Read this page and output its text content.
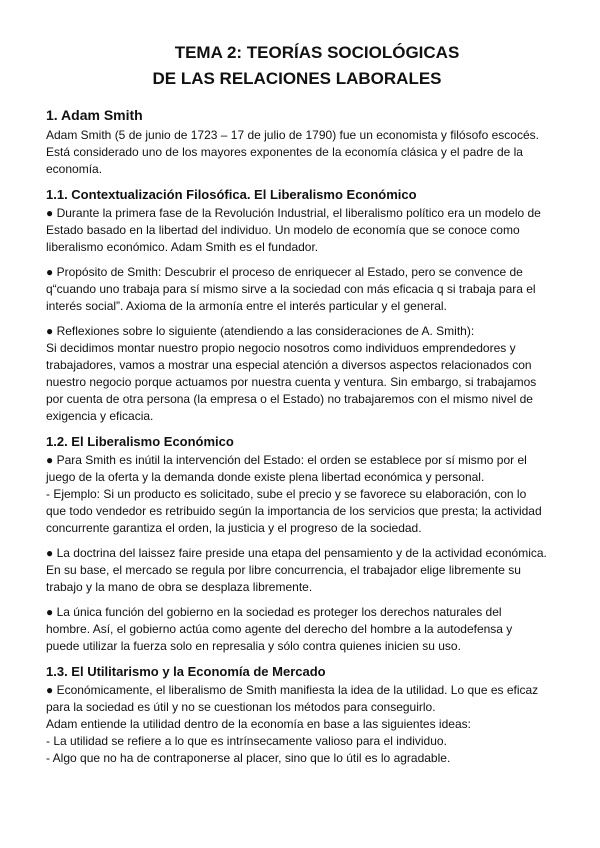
TEMA 2: TEORÍAS SOCIOLÓGICAS
DE LAS RELACIONES LABORALES
1. Adam Smith

Adam Smith (5 de junio de 1723 – 17 de julio de 1790) fue un economista y filósofo escocés. Está considerado uno de los mayores exponentes de la economía clásica y el padre de la economía.

1.1. Contextualización Filosófica. El Liberalismo Económico

● Durante la primera fase de la Revolución Industrial, el liberalismo político era un modelo de Estado basado en la libertad del individuo. Un modelo de economía que se conoce como liberalismo económico. Adam Smith es el fundador.

● Propósito de Smith: Descubrir el proceso de enriquecer al Estado, pero se convence de q“cuando uno trabaja para sí mismo sirve a la sociedad con más eficacia q si trabaja para el interés social”. Axioma de la armonía entre el interés particular y el general.

● Reflexiones sobre lo siguiente (atendiendo a las consideraciones de A. Smith):

Si decidimos montar nuestro propio negocio nosotros como individuos emprendedores y trabajadores, vamos a mostrar una especial atención a diversos aspectos relacionados con nuestro negocio porque actuamos por nuestra cuenta y ventura. Sin embargo, si trabajamos por cuenta de otra persona (la empresa o el Estado) no trabajaremos con el mismo nivel de exigencia y eficacia.

1.2. El Liberalismo Económico

● Para Smith es inútil la intervención del Estado: el orden se establece por sí mismo por el juego de la oferta y la demanda donde existe plena libertad económica y personal.

- Ejemplo: Si un producto es solicitado, sube el precio y se favorece su elaboración, con lo que todo vendedor es retribuido según la importancia de los servicios que presta; la actividad concurrente garantiza el orden, la justicia y el progreso de la sociedad.

● La doctrina del laissez faire preside una etapa del pensamiento y de la actividad económica. En su base, el mercado se regula por libre concurrencia, el trabajador elige libremente su trabajo y la mano de obra se desplaza libremente.

● La única función del gobierno en la sociedad es proteger los derechos naturales del hombre. Así, el gobierno actúa como agente del derecho del hombre a la autodefensa y puede utilizar la fuerza solo en represalia y sólo contra quienes inicien su uso.

1.3. El Utilitarismo y la Economía de Mercado

● Económicamente, el liberalismo de Smith manifiesta la idea de la utilidad. Lo que es eficaz para la sociedad es útil y no se cuestionan los métodos para conseguirlo.

Adam entiende la utilidad dentro de la economía en base a las siguientes ideas:

- La utilidad se refiere a lo que es intrínsecamente valioso para el individuo.

- Algo que no ha de contraponerse al placer, sino que lo útil es lo agradable.
